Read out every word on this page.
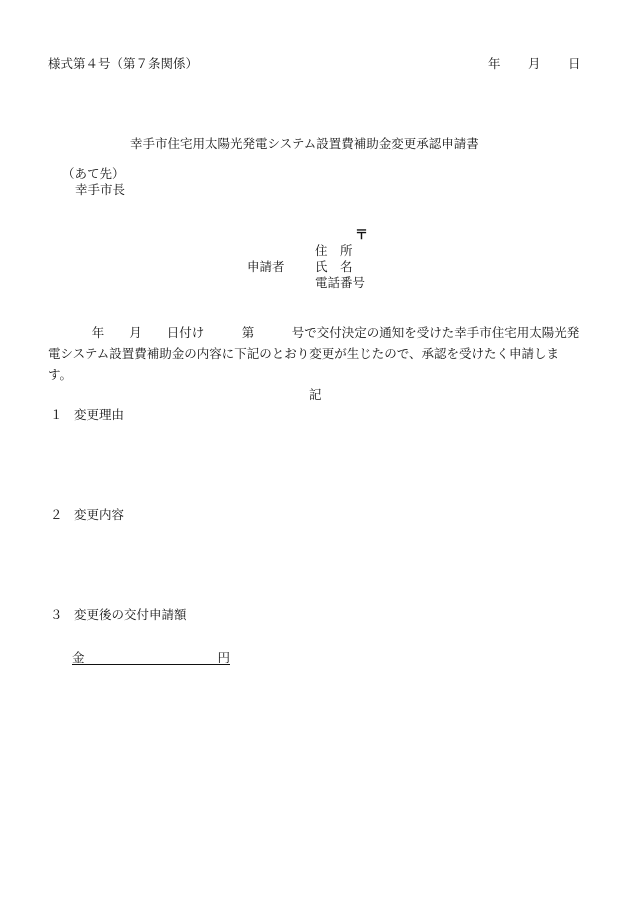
様式第４号（第７条関係）	年 月 日
幸手市住宅用太陽光発電システム設置費補助金変更承認申請書
（あて先）
幸手市長
〒
住　所
申請者 氏　名
電話番号
年　　月　　日付け　　　第　　　号で交付決定の通知を受けた幸手市住宅用太陽光発電システム設置費補助金の内容に下記のとおり変更が生じたので、承認を受けたく申請します。
記
１ 変更理由
２ 変更内容
３ 変更後の交付申請額
金	円
